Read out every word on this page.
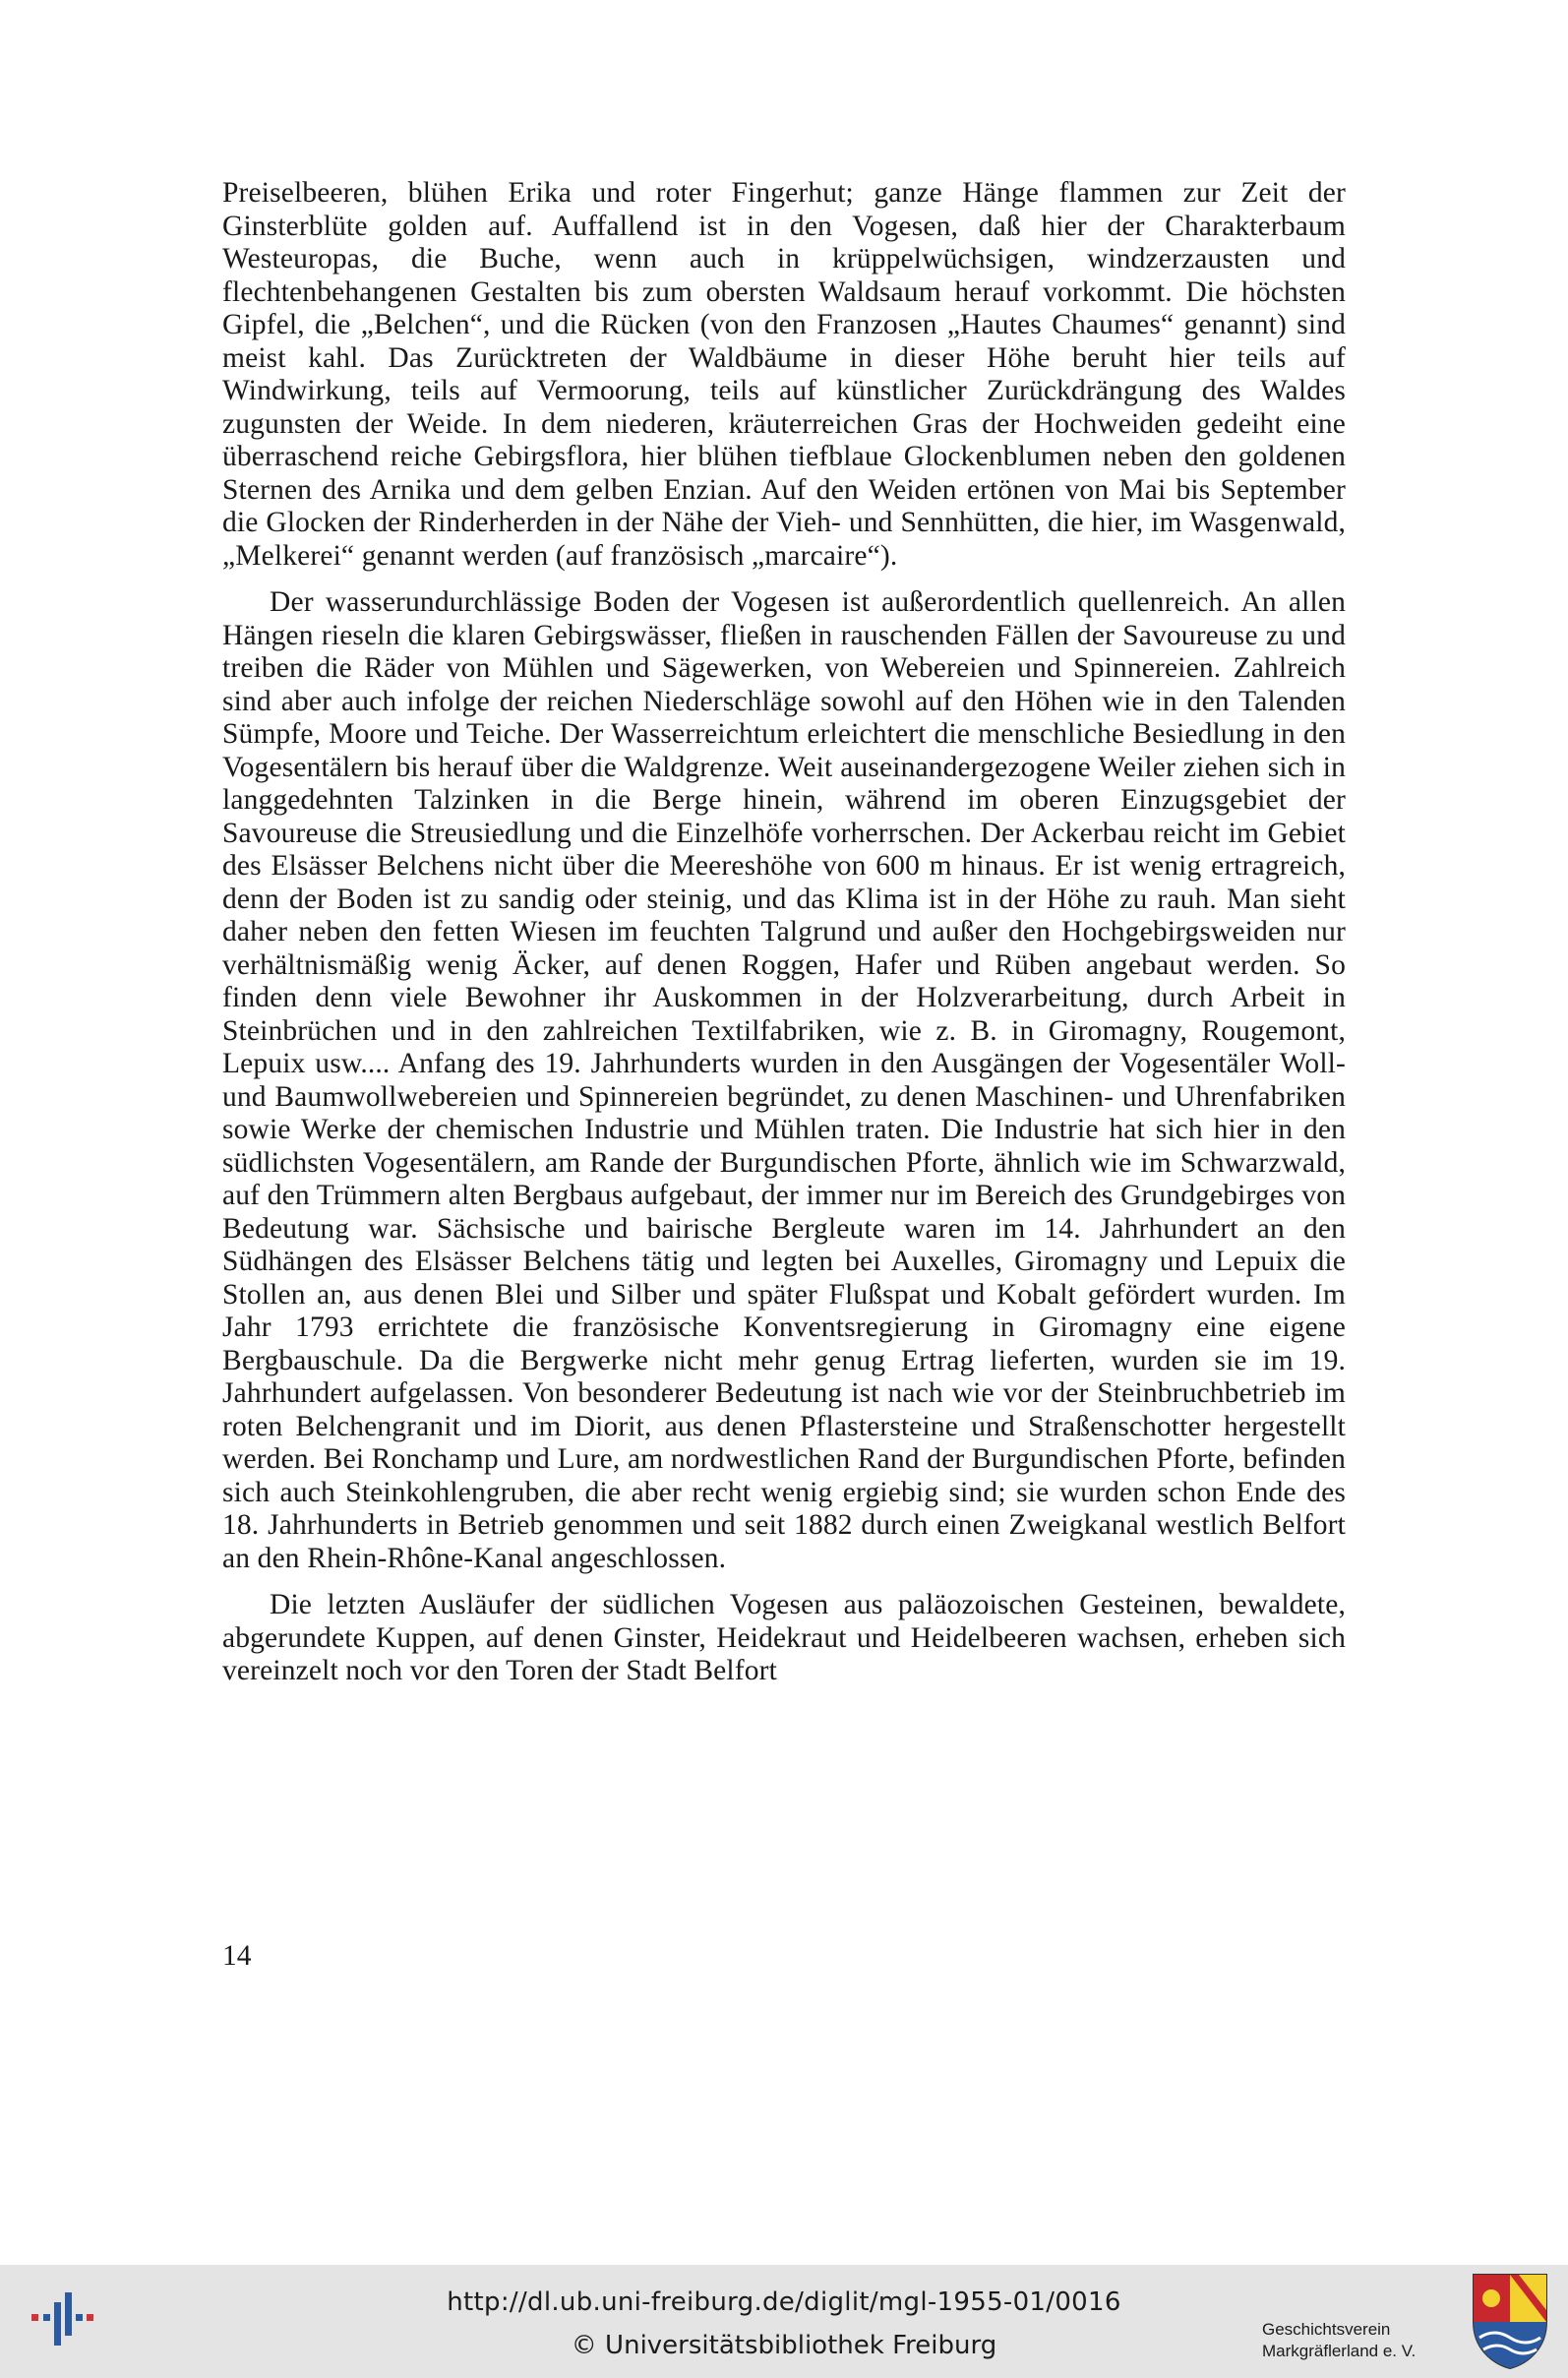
Preiselbeeren, blühen Erika und roter Fingerhut; ganze Hänge flammen zur Zeit der Ginsterblüte golden auf. Auffallend ist in den Vogesen, daß hier der Charakterbaum Westeuropas, die Buche, wenn auch in krüppelwüchsigen, windzerzausten und flechtenbehangenen Gestalten bis zum obersten Waldsaum herauf vorkommt. Die höchsten Gipfel, die „Belchen“, und die Rücken (von den Franzosen „Hautes Chaumes“ genannt) sind meist kahl. Das Zurücktreten der Waldbäume in dieser Höhe beruht hier teils auf Windwirkung, teils auf Vermoorung, teils auf künstlicher Zurückdrängung des Waldes zugunsten der Weide. In dem niederen, kräuterreichen Gras der Hochweiden gedeiht eine überraschend reiche Gebirgsflora, hier blühen tiefblaue Glockenblumen neben den goldenen Sternen des Arnika und dem gelben Enzian. Auf den Weiden ertönen von Mai bis September die Glocken der Rinderherden in der Nähe der Vieh- und Sennhütten, die hier, im Wasgenwald, „Melkerei“ genannt werden (auf französisch „marcaire“).

Der wasserundurchlässige Boden der Vogesen ist außerordentlich quellenreich. An allen Hängen rieseln die klaren Gebirgswässer, fließen in rauschenden Fällen der Savoureuse zu und treiben die Räder von Mühlen und Sägewerken, von Webereien und Spinnereien. Zahlreich sind aber auch infolge der reichen Niederschläge sowohl auf den Höhen wie in den Talenden Sümpfe, Moore und Teiche. Der Wasserreichtum erleichtert die menschliche Besiedlung in den Vogesentälern bis herauf über die Waldgrenze. Weit auseinandergezogene Weiler ziehen sich in langgedehnten Talzinken in die Berge hinein, während im oberen Einzugsgebiet der Savoureuse die Streusiedlung und die Einzelhöfe vorherrschen. Der Ackerbau reicht im Gebiet des Elsässer Belchens nicht über die Meereshöhe von 600 m hinaus. Er ist wenig ertragreich, denn der Boden ist zu sandig oder steinig, und das Klima ist in der Höhe zu rauh. Man sieht daher neben den fetten Wiesen im feuchten Talgrund und außer den Hochgebirgsweiden nur verhältnismäßig wenig Äcker, auf denen Roggen, Hafer und Rüben angebaut werden. So finden denn viele Bewohner ihr Auskommen in der Holzverarbeitung, durch Arbeit in Steinbrüchen und in den zahlreichen Textilfabriken, wie z. B. in Giromagny, Rougemont, Lepuix usw.... Anfang des 19. Jahrhunderts wurden in den Ausgängen der Vogesentäler Woll- und Baumwollwebereien und Spinnereien begründet, zu denen Maschinen- und Uhrenfabriken sowie Werke der chemischen Industrie und Mühlen traten. Die Industrie hat sich hier in den südlichsten Vogesentälern, am Rande der Burgundischen Pforte, ähnlich wie im Schwarzwald, auf den Trümmern alten Bergbaus aufgebaut, der immer nur im Bereich des Grundgebirges von Bedeutung war. Sächsische und bairische Bergleute waren im 14. Jahrhundert an den Südhängen des Elsässer Belchens tätig und legten bei Auxelles, Giromagny und Lepuix die Stollen an, aus denen Blei und Silber und später Flußspat und Kobalt gefördert wurden. Im Jahr 1793 errichtete die französische Konventsregierung in Giromagny eine eigene Bergbauschule. Da die Bergwerke nicht mehr genug Ertrag lieferten, wurden sie im 19. Jahrhundert aufgelassen. Von besonderer Bedeutung ist nach wie vor der Steinbruchbetrieb im roten Belchengranit und im Diorit, aus denen Pflastersteine und Straßenschotter hergestellt werden. Bei Ronchamp und Lure, am nordwestlichen Rand der Burgundischen Pforte, befinden sich auch Steinkohlengruben, die aber recht wenig ergiebig sind; sie wurden schon Ende des 18. Jahrhunderts in Betrieb genommen und seit 1882 durch einen Zweigkanal westlich Belfort an den Rhein-Rhône-Kanal angeschlossen.

Die letzten Ausläufer der südlichen Vogesen aus paläozoischen Gesteinen, bewaldete, abgerundete Kuppen, auf denen Ginster, Heidekraut und Heidelbeeren wachsen, erheben sich vereinzelt noch vor den Toren der Stadt Belfort

14
http://dl.ub.uni-freiburg.de/diglit/mgl-1955-01/0016
© Universitätsbibliothek Freiburg
Geschichtsverein
Markgräflerland e. V.
